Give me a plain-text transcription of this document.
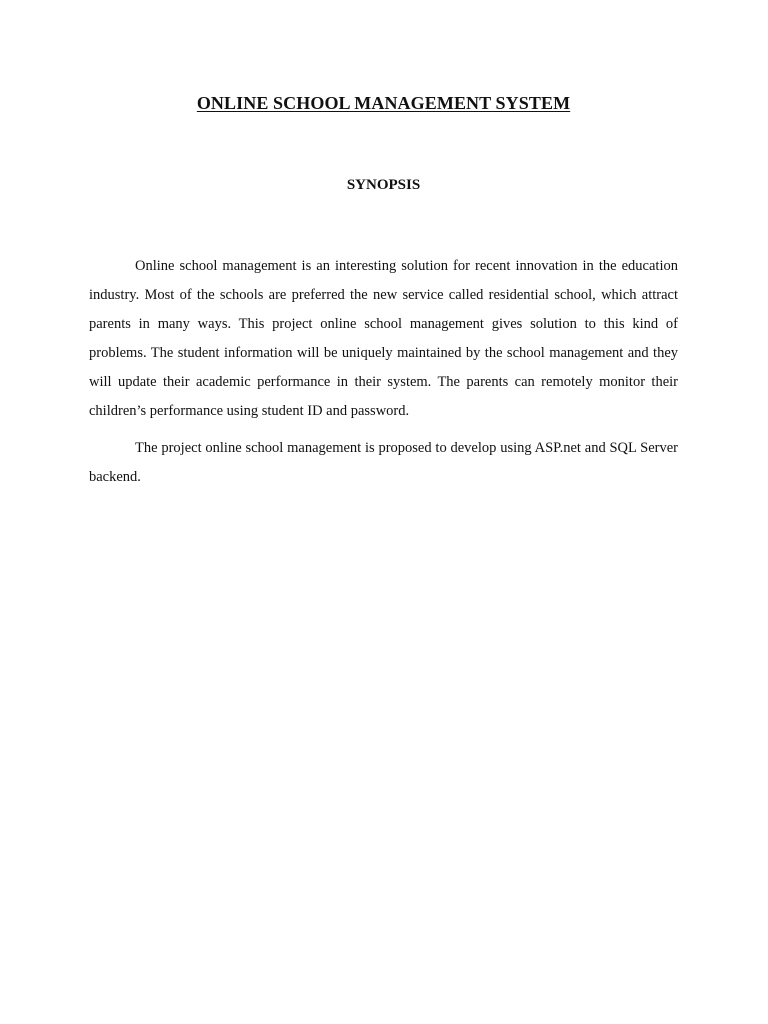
ONLINE SCHOOL MANAGEMENT SYSTEM
SYNOPSIS

Online school management is an interesting solution for recent innovation in the education industry. Most of the schools are preferred the new service called residential school, which attract parents in many ways. This project online school management gives solution to this kind of problems. The student information will be uniquely maintained by the school management and they will update their academic performance in their system. The parents can remotely monitor their children’s performance using student ID and password.

The project online school management is proposed to develop using ASP.net and SQL Server backend.
